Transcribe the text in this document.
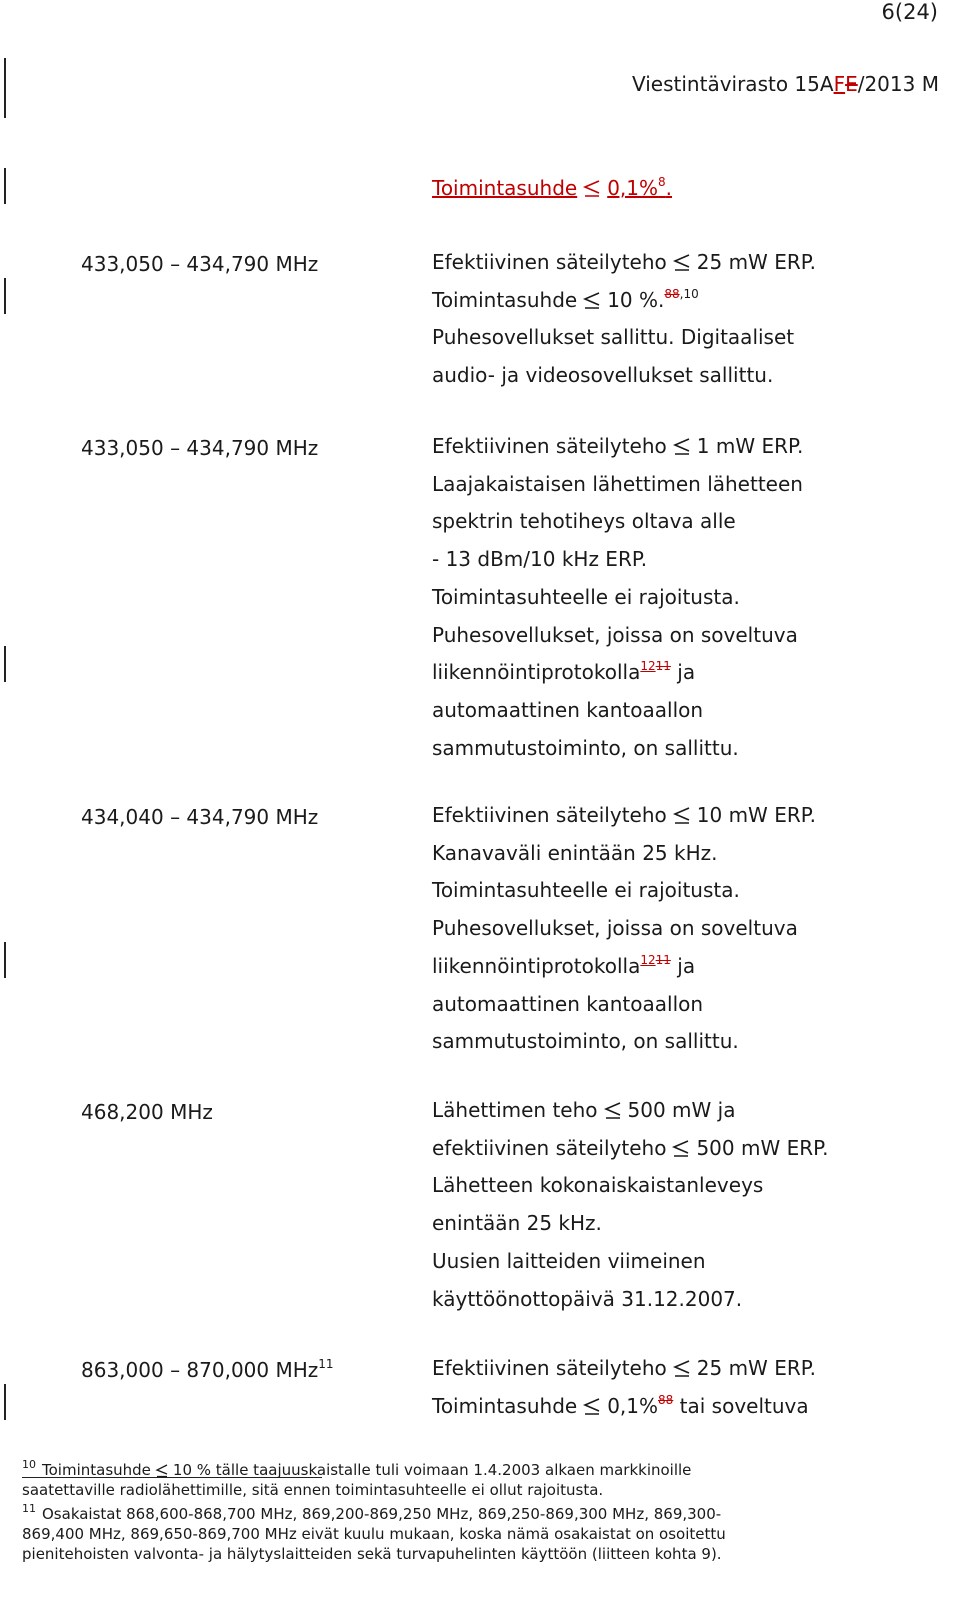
6(24)
Viestintävirasto 15AFE/2013 M
Toimintasuhde 0,1%$^8$.
433,050 – 434,790 MHz	Efektiivinen säteilyteho 25 mW ERP.
Toimintasuhde 10 %.$^{88,10}$
Puhesovellukset sallittu. Digitaaliset
audio- ja videosovellukset sallittu.
433,050 – 434,790 MHz	Efektiivinen säteilyteho 1 mW ERP.
Laajakaistaisen lähettimen lähetteen
spektrin tehotiheys oltava alle
- 13 dBm/10 kHz ERP.
Toimintasuhteelle ei rajoitusta.
Puhesovellukset, joissa on soveltuva
liikennöintiprotokolla$^{1211}$ ja
automaattinen kantoaallon
sammutustoiminto, on sallittu.
434,040 – 434,790 MHz	Efektiivinen säteilyteho 10 mW ERP.
Kanavaväli enintään 25 kHz.
Toimintasuhteelle ei rajoitusta.
Puhesovellukset, joissa on soveltuva
liikennöintiprotokolla$^{1211}$ ja
automaattinen kantoaallon
sammutustoiminto, on sallittu.
468,200 MHz	Lähettimen teho 500 mW ja
efektiivinen säteilyteho 500 mW ERP.
Lähetteen kokonaiskaistanleveys
enintään 25 kHz.
Uusien laitteiden viimeinen
käyttöönottopäivä 31.12.2007.
863,000 – 870,000 MHz$^{11}$	Efektiivinen säteilyteho 25 mW ERP.
Toimintasuhde 0,1%$^{88}$ tai soveltuva
$^{10}$ Toimintasuhde 10 % tälle taajuuskaistalle tuli voimaan 1.4.2003 alkaen markkinoille
saatettaville radiolähettimille, sitä ennen toimintasuhteelle ei ollut rajoitusta.
$^{11}$ Osakaistat 868,600-868,700 MHz, 869,200-869,250 MHz, 869,250-869,300 MHz, 869,300-
869,400 MHz, 869,650-869,700 MHz eivät kuulu mukaan, koska nämä osakaistat on osoitettu
pienitehoisten valvonta- ja hälytyslaitteiden sekä turvapuhelinten käyttöön (liitteen kohta 9).
